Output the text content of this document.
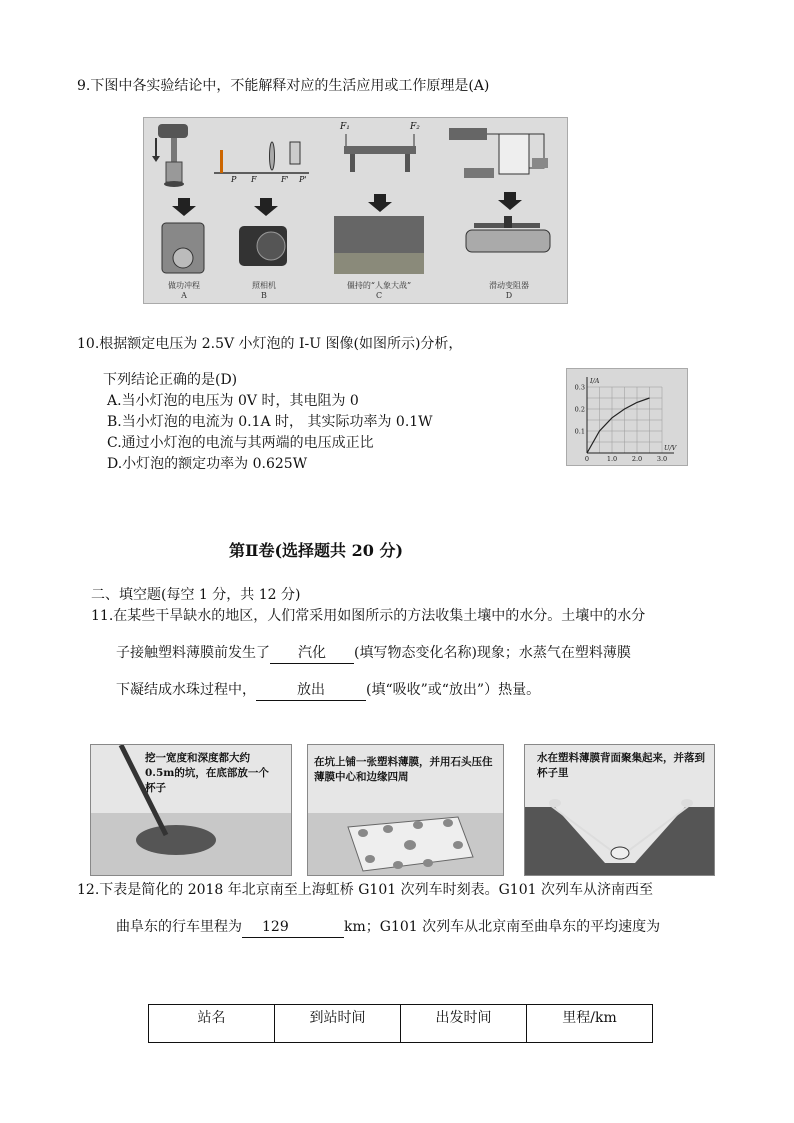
9.下图中各实验结论中，不能解释对应的生活应用或工作原理是(A)
P F	F' P'
F₁	F₂
做功冲程
A
照相机
B
僵持的“人象大战”
C
滑动变阻器
D
10.根据额定电压为 2.5V 小灯泡的 I-U 图像(如图所示)分析，
下列结论正确的是(D)
A.当小灯泡的电压为 0V 时，其电阻为 0
B.当小灯泡的电流为 0.1A 时， 其实际功率为 0.1W
C.通过小灯泡的电流与其两端的电压成正比
D.小灯泡的额定功率为 0.625W
0.1
0.2
0.3
0	1.0 2.0 3.0
I/A
U/V
第Ⅱ卷(选择题共 20 分)
二、填空题(每空 1 分，共 12 分)
11.在某些干旱缺水的地区，人们常采用如图所示的方法收集土壤中的水分。土壤中的水分
子接触塑料薄膜前发生了 汽化 (填写物态变化名称)现象；水蒸气在塑料薄膜
下凝结成水珠过程中，	放出	(填“吸收”或“放出”）热量。
挖一宽度和深度都大约0.5m的坑，在底部放一个杯子
在坑上铺一张塑料薄膜，并用石头压住薄膜中心和边缘四周
水在塑料薄膜背面聚集起来，并落到杯子里
12.下表是简化的 2018 年北京南至上海虹桥 G101 次列车时刻表。G101 次列车从济南西至
曲阜东的行车里程为 129	km；G101 次列车从北京南至曲阜东的平均速度为
站名	到站时间	出发时间	里程/km
